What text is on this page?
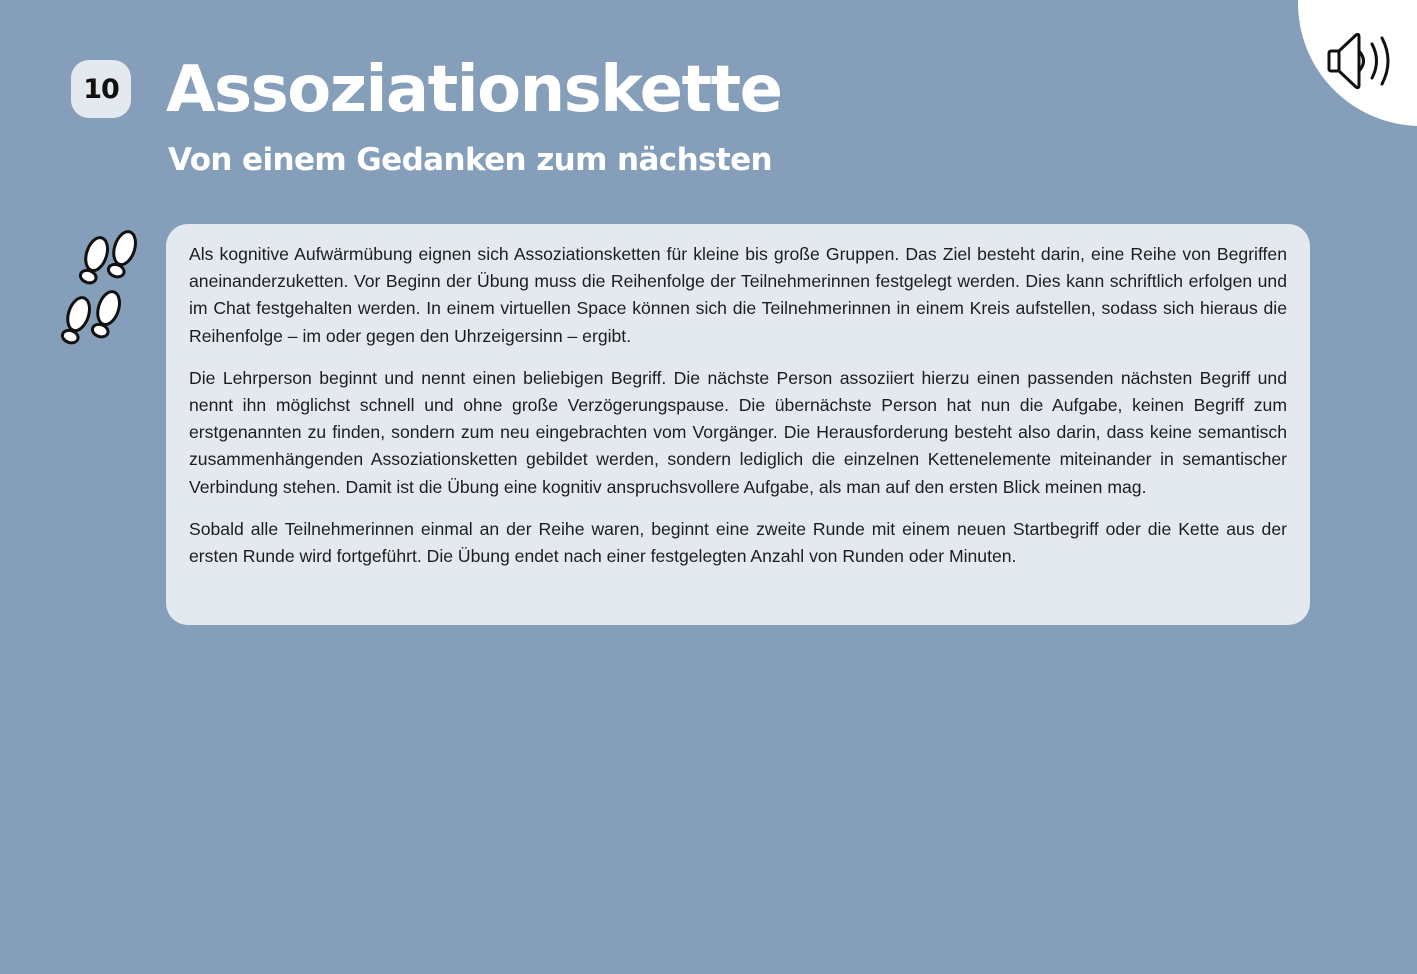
10 Assoziationskette
Von einem Gedanken zum nächsten

Als kognitive Aufwärmübung eignen sich Assoziationsketten für kleine bis große Gruppen. Das Ziel besteht darin, eine Reihe von Begriffen aneinanderzuketten. Vor Beginn der Übung muss die Reihenfolge der Teilnehmerinnen festgelegt werden. Dies kann schriftlich erfolgen und im Chat festgehalten werden. In einem virtuellen Space können sich die Teilnehmerinnen in einem Kreis aufstellen, sodass sich hieraus die Reihenfolge – im oder gegen den Uhrzeigersinn – ergibt.

Die Lehrperson beginnt und nennt einen beliebigen Begriff. Die nächste Person assoziiert hierzu einen passenden nächsten Begriff und nennt ihn möglichst schnell und ohne große Verzögerungspause. Die übernächste Person hat nun die Aufgabe, keinen Begriff zum erstgenannten zu finden, sondern zum neu eingebrachten vom Vorgänger. Die Herausforderung besteht also darin, dass keine semantisch zusammenhängenden Assoziationsketten gebildet werden, sondern lediglich die einzelnen Kettenelemente miteinander in semantischer Verbindung stehen. Damit ist die Übung eine kognitiv anspruchsvollere Aufgabe, als man auf den ersten Blick meinen mag.

Sobald alle Teilnehmerinnen einmal an der Reihe waren, beginnt eine zweite Runde mit einem neuen Startbegriff oder die Kette aus der ersten Runde wird fortgeführt. Die Übung endet nach einer festgelegten Anzahl von Runden oder Minuten.
